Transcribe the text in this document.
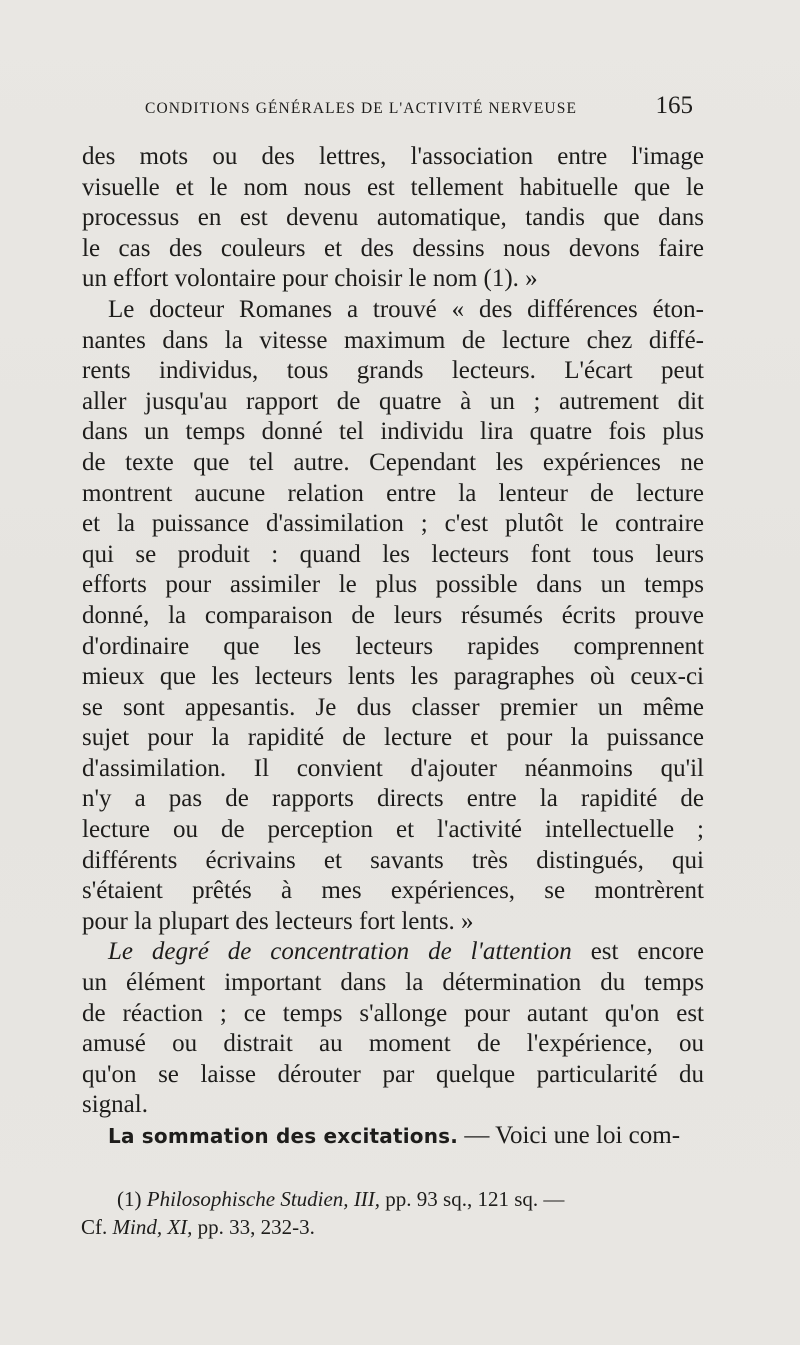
CONDITIONS GÉNÉRALES DE L'ACTIVITÉ NERVEUSE	165
des mots ou des lettres, l'association entre l'image
visuelle et le nom nous est tellement habituelle que le
processus en est devenu automatique, tandis que dans
le cas des couleurs et des dessins nous devons faire
un effort volontaire pour choisir le nom (1). »
Le docteur Romanes a trouvé « des différences éton-
nantes dans la vitesse maximum de lecture chez diffé-
rents individus, tous grands lecteurs. L'écart peut
aller jusqu'au rapport de quatre à un ; autrement dit
dans un temps donné tel individu lira quatre fois plus
de texte que tel autre. Cependant les expériences ne
montrent aucune relation entre la lenteur de lecture
et la puissance d'assimilation ; c'est plutôt le contraire
qui se produit : quand les lecteurs font tous leurs
efforts pour assimiler le plus possible dans un temps
donné, la comparaison de leurs résumés écrits prouve
d'ordinaire que les lecteurs rapides comprennent
mieux que les lecteurs lents les paragraphes où ceux-ci
se sont appesantis. Je dus classer premier un même
sujet pour la rapidité de lecture et pour la puissance
d'assimilation. Il convient d'ajouter néanmoins qu'il
n'y a pas de rapports directs entre la rapidité de
lecture ou de perception et l'activité intellectuelle ;
différents écrivains et savants très distingués, qui
s'étaient prêtés à mes expériences, se montrèrent
pour la plupart des lecteurs fort lents. »
Le degré de concentration de l'attention est encore
un élément important dans la détermination du temps
de réaction ; ce temps s'allonge pour autant qu'on est
amusé ou distrait au moment de l'expérience, ou
qu'on se laisse dérouter par quelque particularité du
signal.
La sommation des excitations. — Voici une loi com-
(1) Philosophische Studien, III, pp. 93 sq., 121 sq. —
Cf. Mind, XI, pp. 33, 232-3.
